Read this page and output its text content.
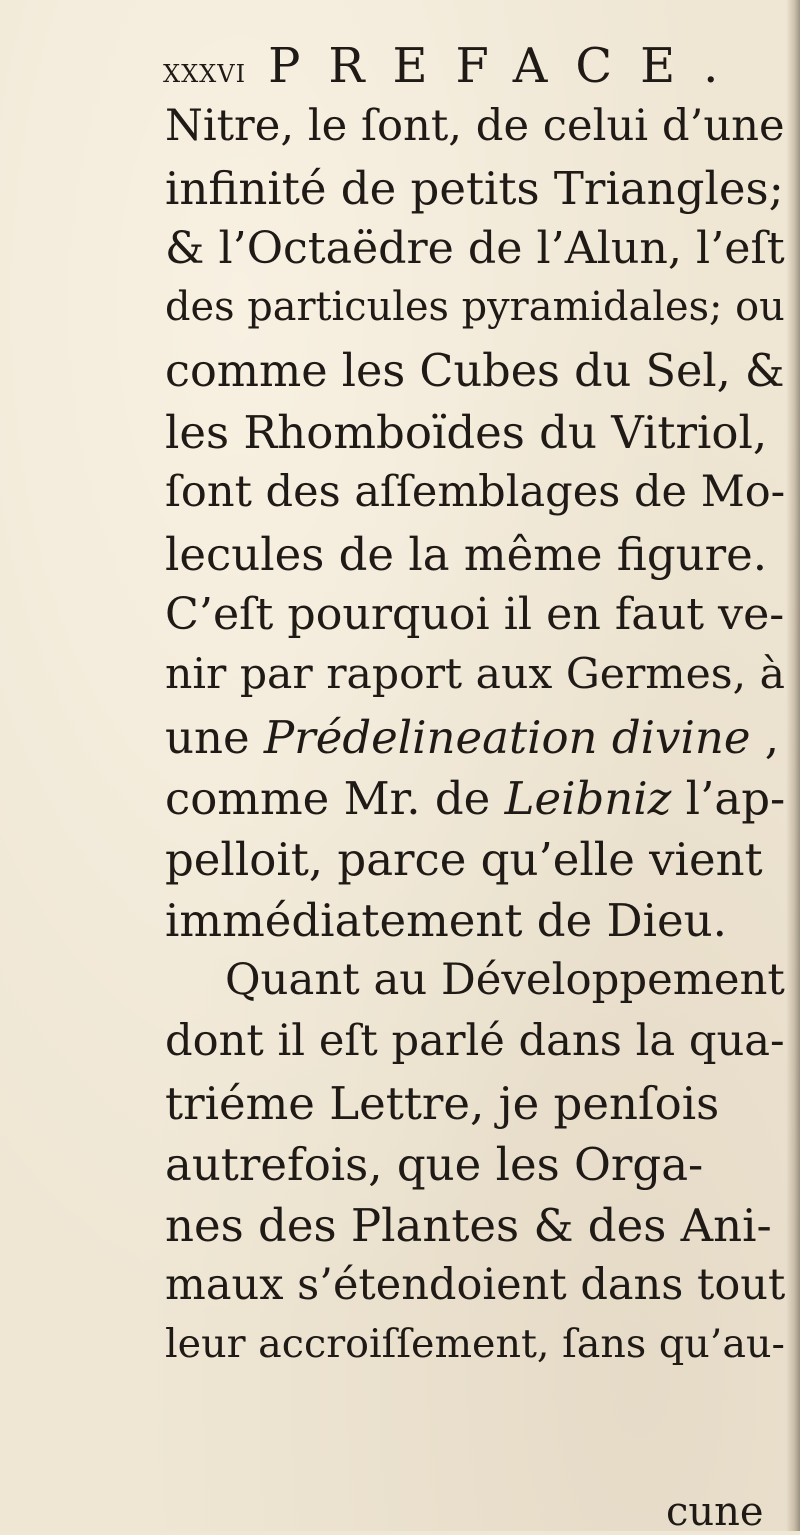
xxxvi PREFACE.
Nitre, le ſont, de celui d’une
infinité de petits Triangles;
& l’Octaëdre de l’Alun, l’eſt
des particules pyramidales; ou
comme les Cubes du Sel, &
les Rhomboïdes du Vitriol,
ſont des aſſemblages de Mo-
lecules de la même figure.
C’eſt pourquoi il en faut ve-
nir par raport aux Germes, à
une Prédelineation divine ,
comme Mr. de Leibniz l’ap-
pelloit, parce qu’elle vient
immédiatement de Dieu.
Quant au Développement
dont il eſt parlé dans la qua-
triéme Lettre, je penſois
autrefois, que les Orga-
nes des Plantes & des Ani-
maux s’étendoient dans tout
leur accroiſſement, ſans qu’au-
cune
